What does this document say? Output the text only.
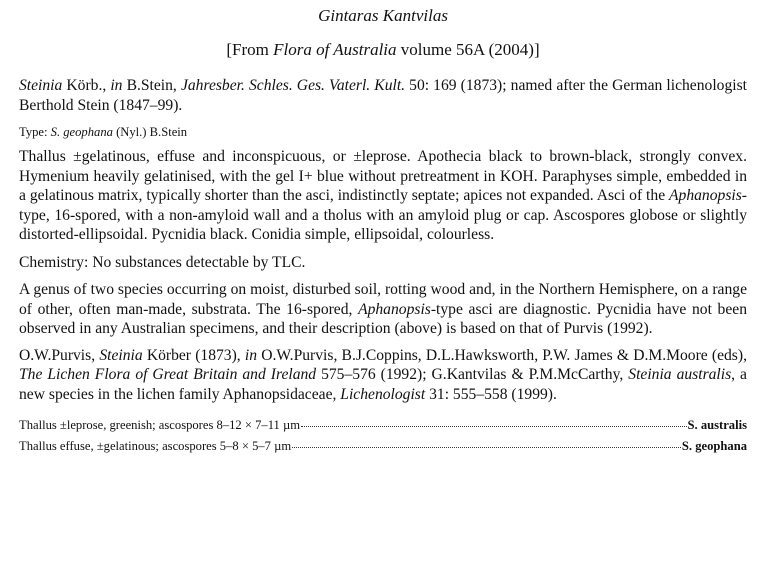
Gintaras Kantvilas
[From Flora of Australia volume 56A (2004)]

Steinia Körb., in B.Stein, Jahresber. Schles. Ges. Vaterl. Kult. 50: 169 (1873); named after the German lichenologist Berthold Stein (1847–99).

Type: S. geophana (Nyl.) B.Stein

Thallus ±gelatinous, effuse and inconspicuous, or ±leprose. Apothecia black to brown-black, strongly convex. Hymenium heavily gelatinised, with the gel I+ blue without pretreatment in KOH. Paraphyses simple, embedded in a gelatinous matrix, typically shorter than the asci, indistinctly septate; apices not expanded. Asci of the Aphanopsis-type, 16-spored, with a non-amyloid wall and a tholus with an amyloid plug or cap. Ascospores globose or slightly distorted-ellipsoidal. Pycnidia black. Conidia simple, ellipsoidal, colourless.

Chemistry: No substances detectable by TLC.

A genus of two species occurring on moist, disturbed soil, rotting wood and, in the Northern Hemisphere, on a range of other, often man-made, substrata. The 16-spored, Aphanopsis-type asci are diagnostic. Pycnidia have not been observed in any Australian specimens, and their description (above) is based on that of Purvis (1992).

O.W.Purvis, Steinia Körber (1873), in O.W.Purvis, B.J.Coppins, D.L.Hawksworth, P.W. James & D.M.Moore (eds), The Lichen Flora of Great Britain and Ireland 575–576 (1992); G.Kantvilas & P.M.McCarthy, Steinia australis, a new species in the lichen family Aphanopsidaceae, Lichenologist 31: 555–558 (1999).

Thallus ±leprose, greenish; ascospores 8–12 × 7–11 µm	S. australis
Thallus effuse, ±gelatinous; ascospores 5–8 × 5–7 µm	S. geophana
